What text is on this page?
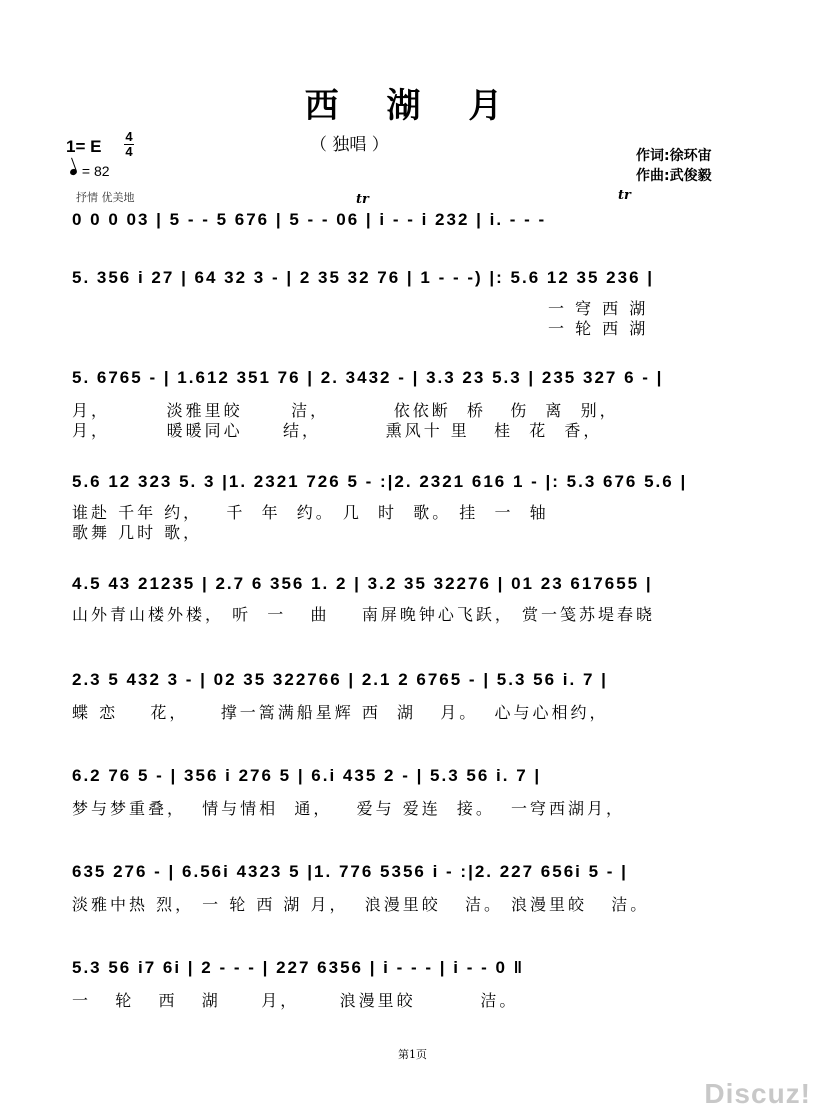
西 湖 月
（ 独唱 ）
1= E
4
4
= 82
作词:徐环宙
作曲:武俊毅
抒情 优美地	tr	tr
0 0 0 03 | 5 - - 5 676 | 5 - - 06 | i - - i 232 | i. - - -
5. 356 i 27 | 64 32 3 - | 2 35 32 76 | 1 - - -) |: 5.6 12 35 236 |
一 穹 西 湖
一 轮 西 湖
5. 6765 - | 1.612 351 76 | 2. 3432 - | 3.3 23 5.3 | 235 327 6 - |
月，       淡雅里皎      洁，        依依断  桥   伤  离  别，
月，       暖暖同心     结，        熏风十 里   桂  花  香，
5.6 12 323 5. 3 |1. 2321 726 5 - :|2. 2321 616 1 - |: 5.3 676 5.6 |
谁赴 千年 约，   千  年  约。 几  时  歌。 挂  一  轴
歌舞 几时 歌，
4.5 43 21235 | 2.7 6 356 1. 2 | 3.2 35 32276 | 01 23 617655 |
山外青山楼外楼， 听  一   曲    南屏晚钟心飞跃， 赏一笺苏堤春晓
2.3 5 432 3 - | 02 35 322766 | 2.1 2 6765 - | 5.3 56 i. 7 |
蝶 恋    花，    撑一篙满船星辉 西  湖   月。  心与心相约，
6.2 76 5 - | 356 i 276 5 | 6.i 435 2 - | 5.3 56 i. 7 |
梦与梦重叠，  情与情相  通，   爱与 爱连  接。  一穹西湖月，
635 276 - | 6.56i 4323 5 |1. 776 5356 i - :|2. 227 656i 5 - |
淡雅中热 烈， 一 轮 西 湖 月，  浪漫里皎   洁。 浪漫里皎   洁。
5.3 56 i7 6i | 2 - - - | 227 6356 | i - - - | i - - 0 ‖
一   轮   西   湖     月，     浪漫里皎        洁。
第1页
Discuz!
